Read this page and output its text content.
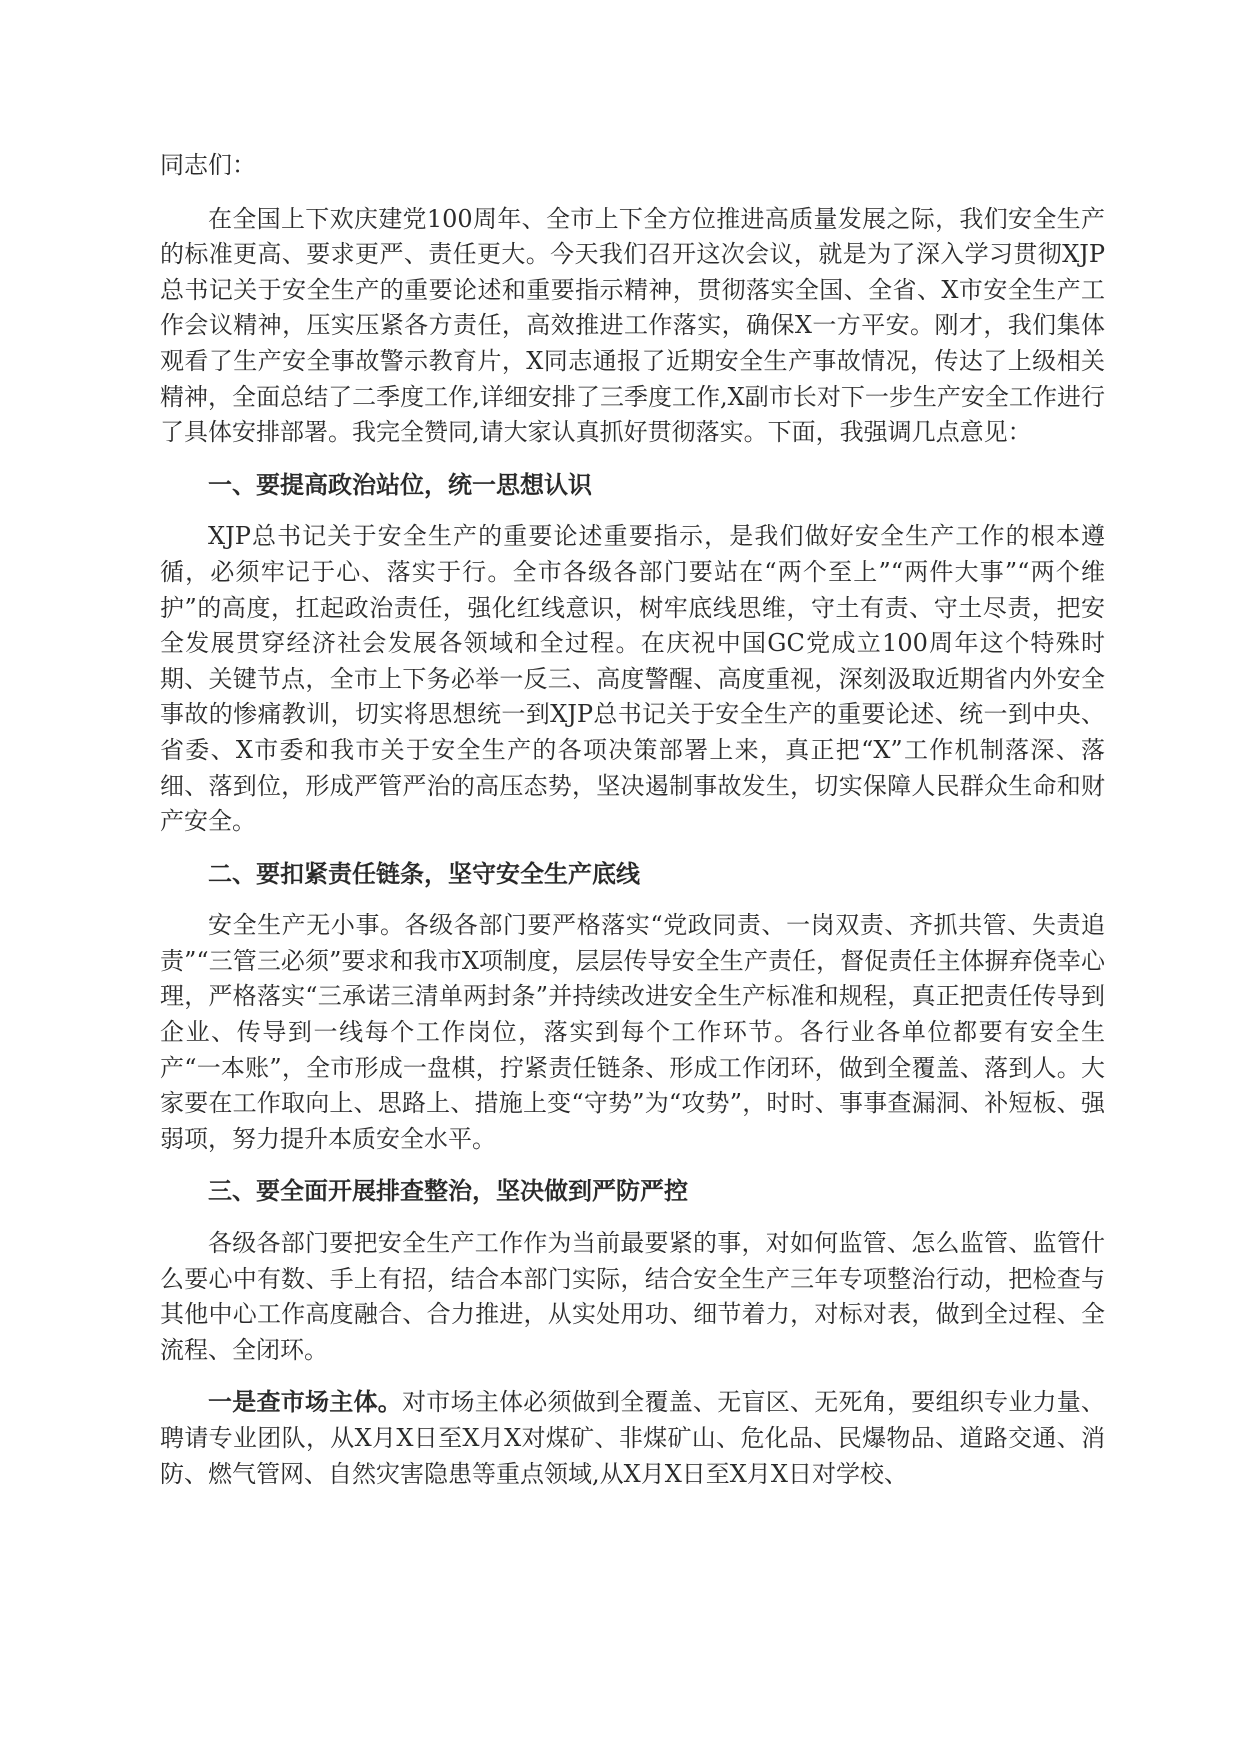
同志们：

在全国上下欢庆建党100周年、全市上下全方位推进高质量发展之际，我们安全生产的标准更高、要求更严、责任更大。今天我们召开这次会议，就是为了深入学习贯彻XJP总书记关于安全生产的重要论述和重要指示精神，贯彻落实全国、全省、X市安全生产工作会议精神，压实压紧各方责任，高效推进工作落实，确保X一方平安。刚才，我们集体观看了生产安全事故警示教育片，X同志通报了近期安全生产事故情况，传达了上级相关精神，全面总结了二季度工作,详细安排了三季度工作,X副市长对下一步生产安全工作进行了具体安排部署。我完全赞同,请大家认真抓好贯彻落实。下面，我强调几点意见：

一、要提高政治站位，统一思想认识

XJP总书记关于安全生产的重要论述重要指示，是我们做好安全生产工作的根本遵循，必须牢记于心、落实于行。全市各级各部门要站在“两个至上”“两件大事”“两个维护”的高度，扛起政治责任，强化红线意识，树牢底线思维，守土有责、守土尽责，把安全发展贯穿经济社会发展各领域和全过程。在庆祝中国GC党成立100周年这个特殊时期、关键节点，全市上下务必举一反三、高度警醒、高度重视，深刻汲取近期省内外安全事故的惨痛教训，切实将思想统一到XJP总书记关于安全生产的重要论述、统一到中央、省委、X市委和我市关于安全生产的各项决策部署上来，真正把“X”工作机制落深、落细、落到位，形成严管严治的高压态势，坚决遏制事故发生，切实保障人民群众生命和财产安全。

二、要扣紧责任链条，坚守安全生产底线

安全生产无小事。各级各部门要严格落实“党政同责、一岗双责、齐抓共管、失责追责”“三管三必须”要求和我市X项制度，层层传导安全生产责任，督促责任主体摒弃侥幸心理，严格落实“三承诺三清单两封条”并持续改进安全生产标准和规程，真正把责任传导到企业、传导到一线每个工作岗位，落实到每个工作环节。各行业各单位都要有安全生产“一本账”，全市形成一盘棋，拧紧责任链条、形成工作闭环，做到全覆盖、落到人。大家要在工作取向上、思路上、措施上变“守势”为“攻势”，时时、事事查漏洞、补短板、强弱项，努力提升本质安全水平。

三、要全面开展排查整治，坚决做到严防严控

各级各部门要把安全生产工作作为当前最要紧的事，对如何监管、怎么监管、监管什么要心中有数、手上有招，结合本部门实际，结合安全生产三年专项整治行动，把检查与其他中心工作高度融合、合力推进，从实处用功、细节着力，对标对表，做到全过程、全流程、全闭环。

一是查市场主体。对市场主体必须做到全覆盖、无盲区、无死角，要组织专业力量、聘请专业团队，从X月X日至X月X对煤矿、非煤矿山、危化品、民爆物品、道路交通、消防、燃气管网、自然灾害隐患等重点领域,从X月X日至X月X日对学校、
